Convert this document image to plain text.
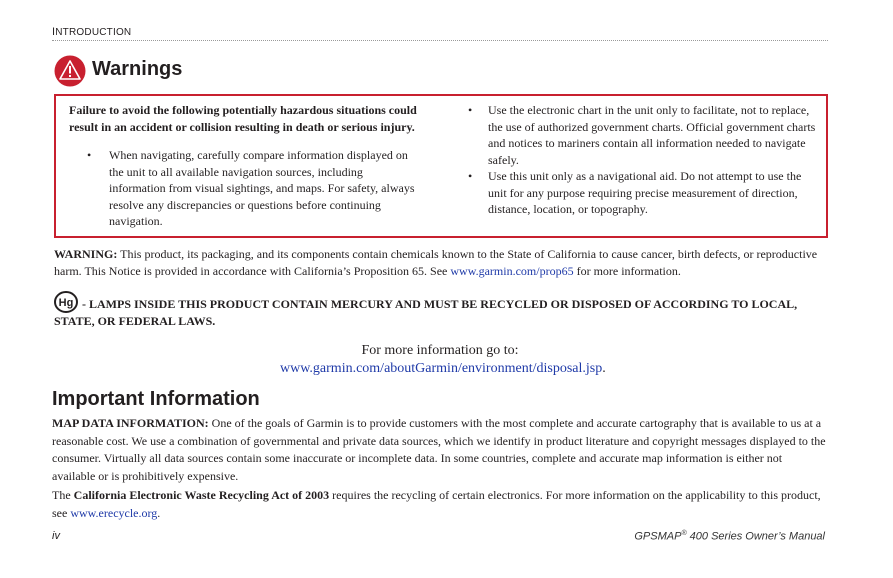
INTRODUCTION
Warnings
Failure to avoid the following potentially hazardous situations could result in an accident or collision resulting in death or serious injury.
• When navigating, carefully compare information displayed on the unit to all available navigation sources, including information from visual sightings, and maps. For safety, always resolve any discrepancies or questions before continuing navigation.
• Use the electronic chart in the unit only to facilitate, not to replace, the use of authorized government charts. Official government charts and notices to mariners contain all information needed to navigate safely.
• Use this unit only as a navigational aid. Do not attempt to use the unit for any purpose requiring precise measurement of direction, distance, location, or topography.
WARNING: This product, its packaging, and its components contain chemicals known to the State of California to cause cancer, birth defects, or reproductive harm. This Notice is provided in accordance with California’s Proposition 65. See www.garmin.com/prop65 for more information.
Hg - LAMPS INSIDE THIS PRODUCT CONTAIN MERCURY AND MUST BE RECYCLED OR DISPOSED OF ACCORDING TO LOCAL, STATE, OR FEDERAL LAWS.
For more information go to:
www.garmin.com/aboutGarmin/environment/disposal.jsp.
Important Information
MAP DATA INFORMATION: One of the goals of Garmin is to provide customers with the most complete and accurate cartography that is available to us at a reasonable cost. We use a combination of governmental and private data sources, which we identify in product literature and copyright messages displayed to the consumer. Virtually all data sources contain some inaccurate or incomplete data. In some countries, complete and accurate map information is either not available or is prohibitively expensive.
The California Electronic Waste Recycling Act of 2003 requires the recycling of certain electronics. For more information on the applicability to this product, see www.erecycle.org.
iv	GPSMAP® 400 Series Owner’s Manual
